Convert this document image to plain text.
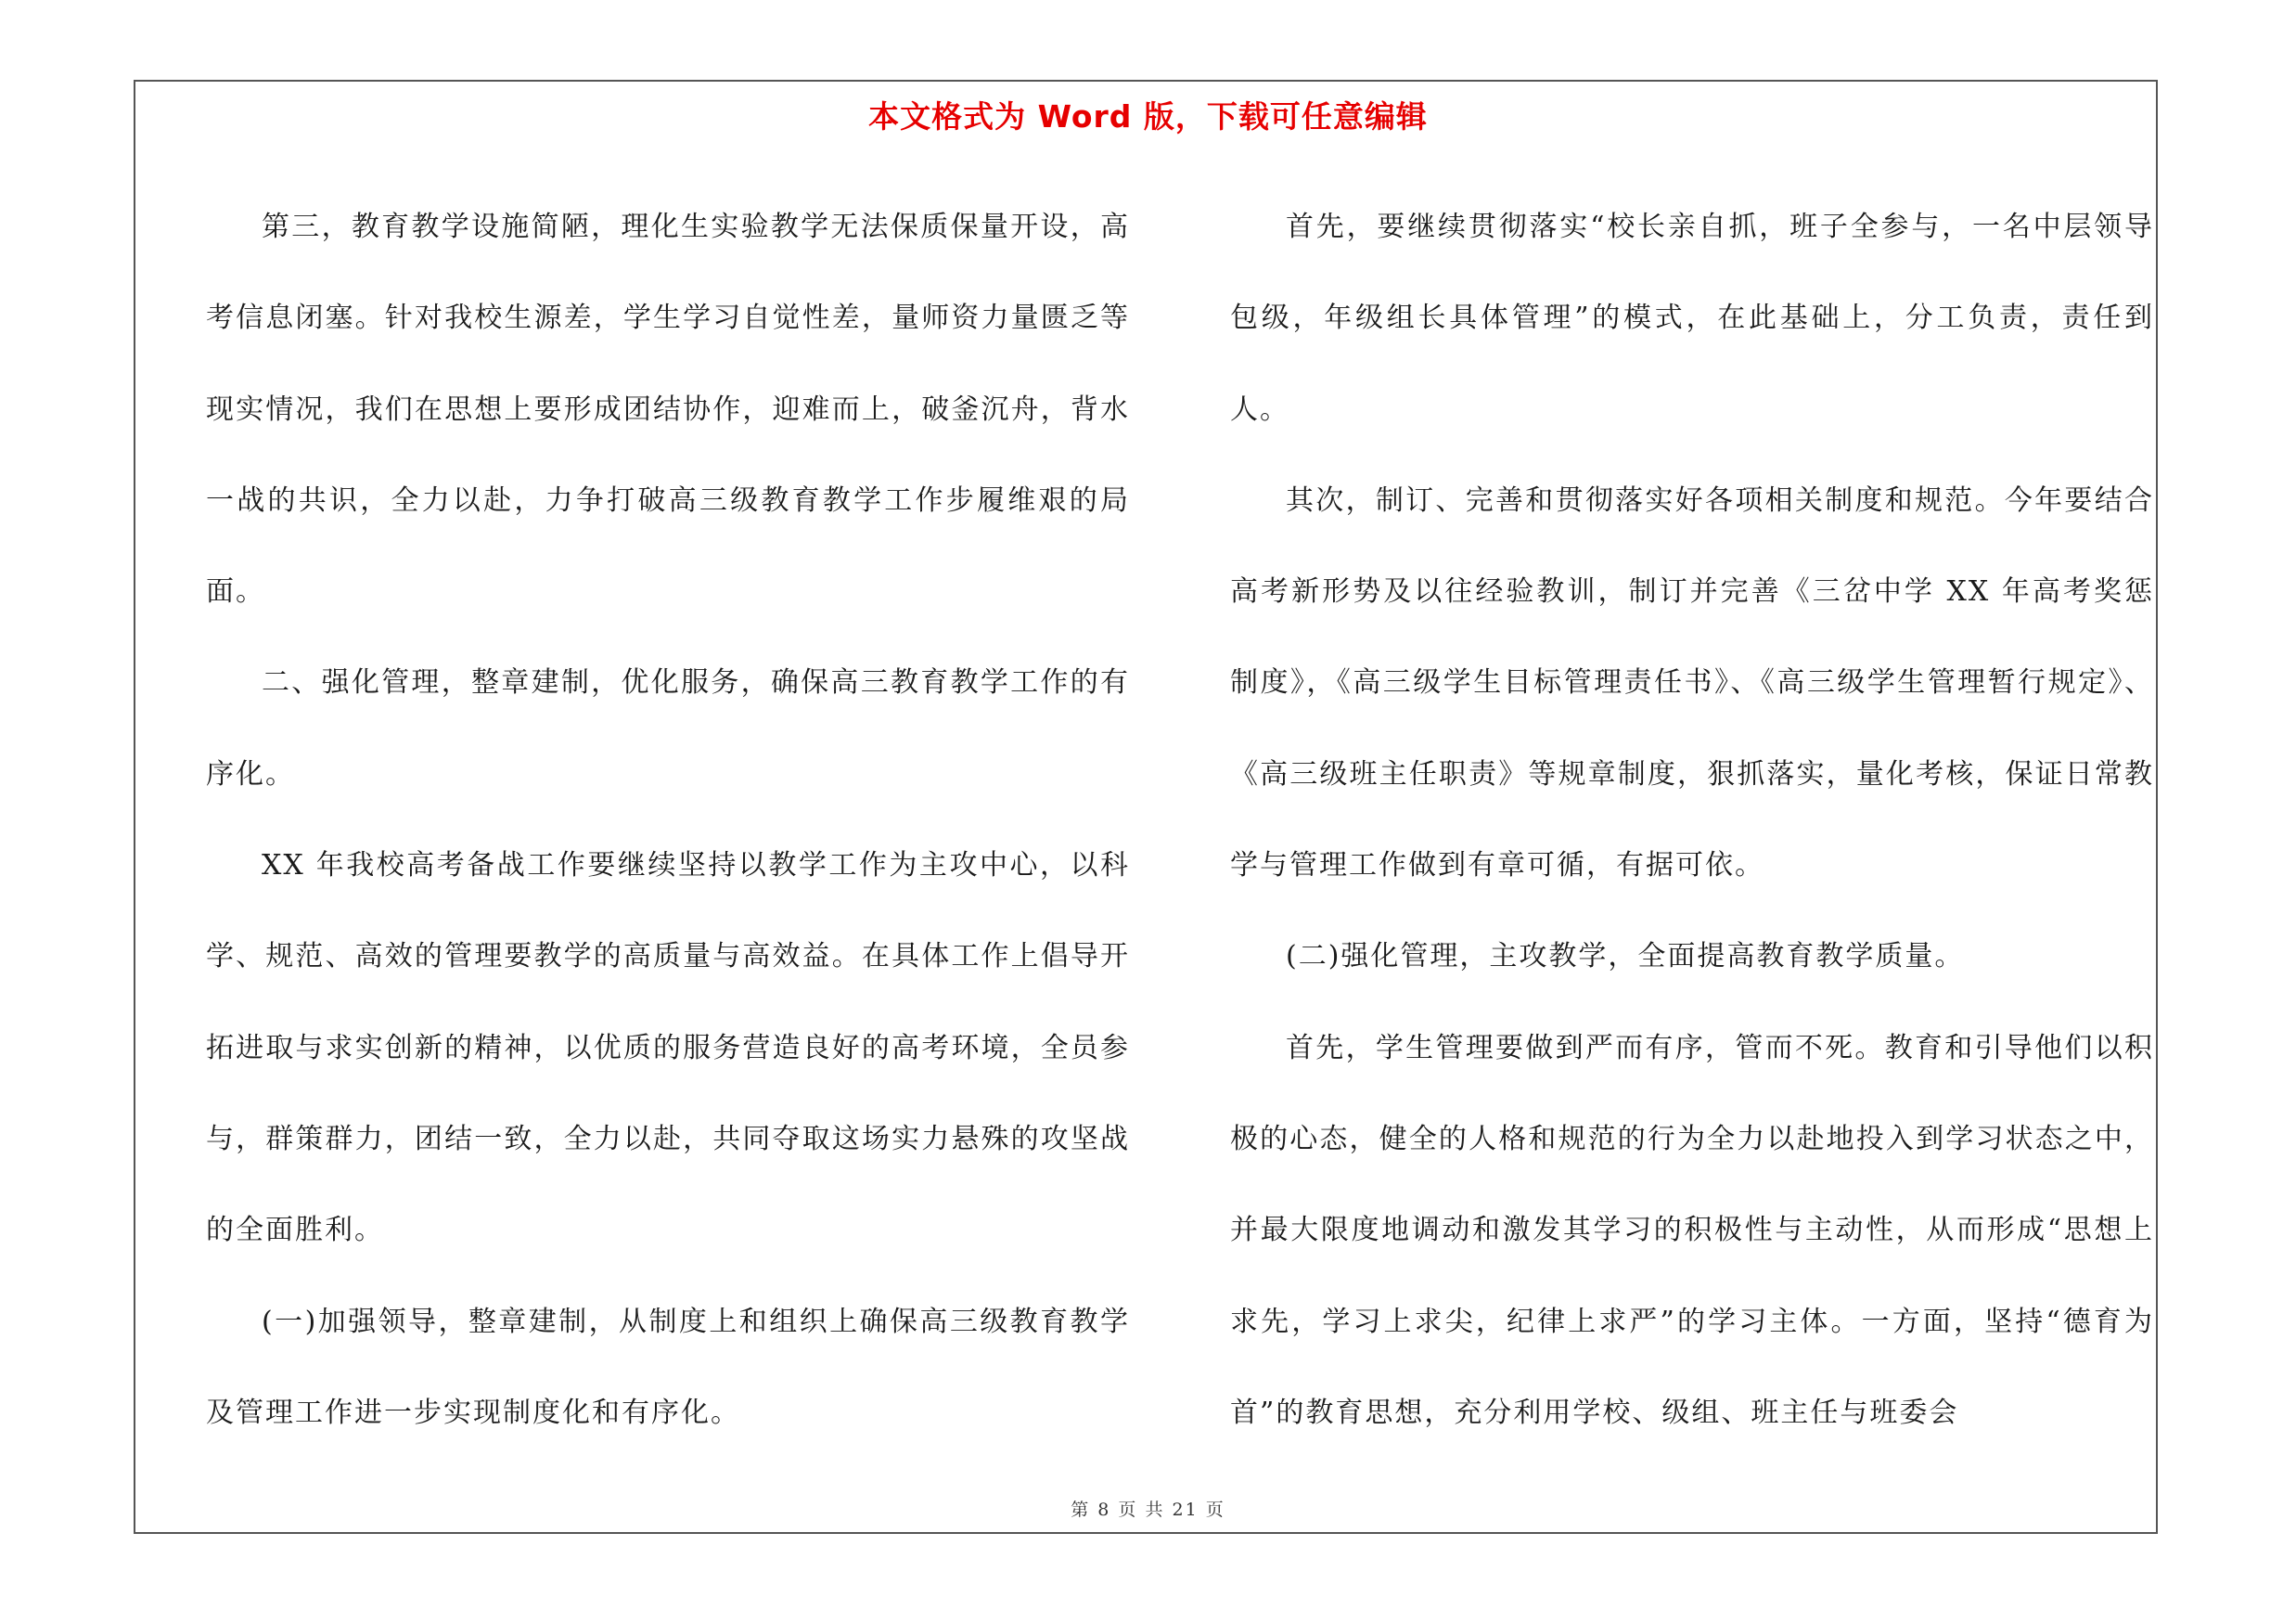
本文格式为 Word 版，下载可任意编辑

第三，教育教学设施简陋，理化生实验教学无法保质保量开设，高考信息闭塞。针对我校生源差，学生学习自觉性差，量师资力量匮乏等现实情况，我们在思想上要形成团结协作，迎难而上，破釜沉舟，背水一战的共识，全力以赴，力争打破高三级教育教学工作步履维艰的局面。

二、强化管理，整章建制，优化服务，确保高三教育教学工作的有序化。

XX 年我校高考备战工作要继续坚持以教学工作为主攻中心，以科学、规范、高效的管理要教学的高质量与高效益。在具体工作上倡导开拓进取与求实创新的精神，以优质的服务营造良好的高考环境，全员参与，群策群力，团结一致，全力以赴，共同夺取这场实力悬殊的攻坚战的全面胜利。

(一)加强领导，整章建制，从制度上和组织上确保高三级教育教学及管理工作进一步实现制度化和有序化。

首先，要继续贯彻落实“校长亲自抓，班子全参与，一名中层领导包级，年级组长具体管理”的模式，在此基础上，分工负责，责任到人。

其次，制订、完善和贯彻落实好各项相关制度和规范。今年要结合高考新形势及以往经验教训，制订并完善《三岔中学 XX 年高考奖惩制度》，《高三级学生目标管理责任书》、《高三级学生管理暂行规定》、《高三级班主任职责》等规章制度，狠抓落实，量化考核，保证日常教学与管理工作做到有章可循，有据可依。

(二)强化管理，主攻教学，全面提高教育教学质量。

首先，学生管理要做到严而有序，管而不死。教育和引导他们以积极的心态，健全的人格和规范的行为全力以赴地投入到学习状态之中，并最大限度地调动和激发其学习的积极性与主动性，从而形成“思想上求先，学习上求尖，纪律上求严”的学习主体。一方面，坚持“德育为首”的教育思想，充分利用学校、级组、班主任与班委会

第 8 页 共 21 页
